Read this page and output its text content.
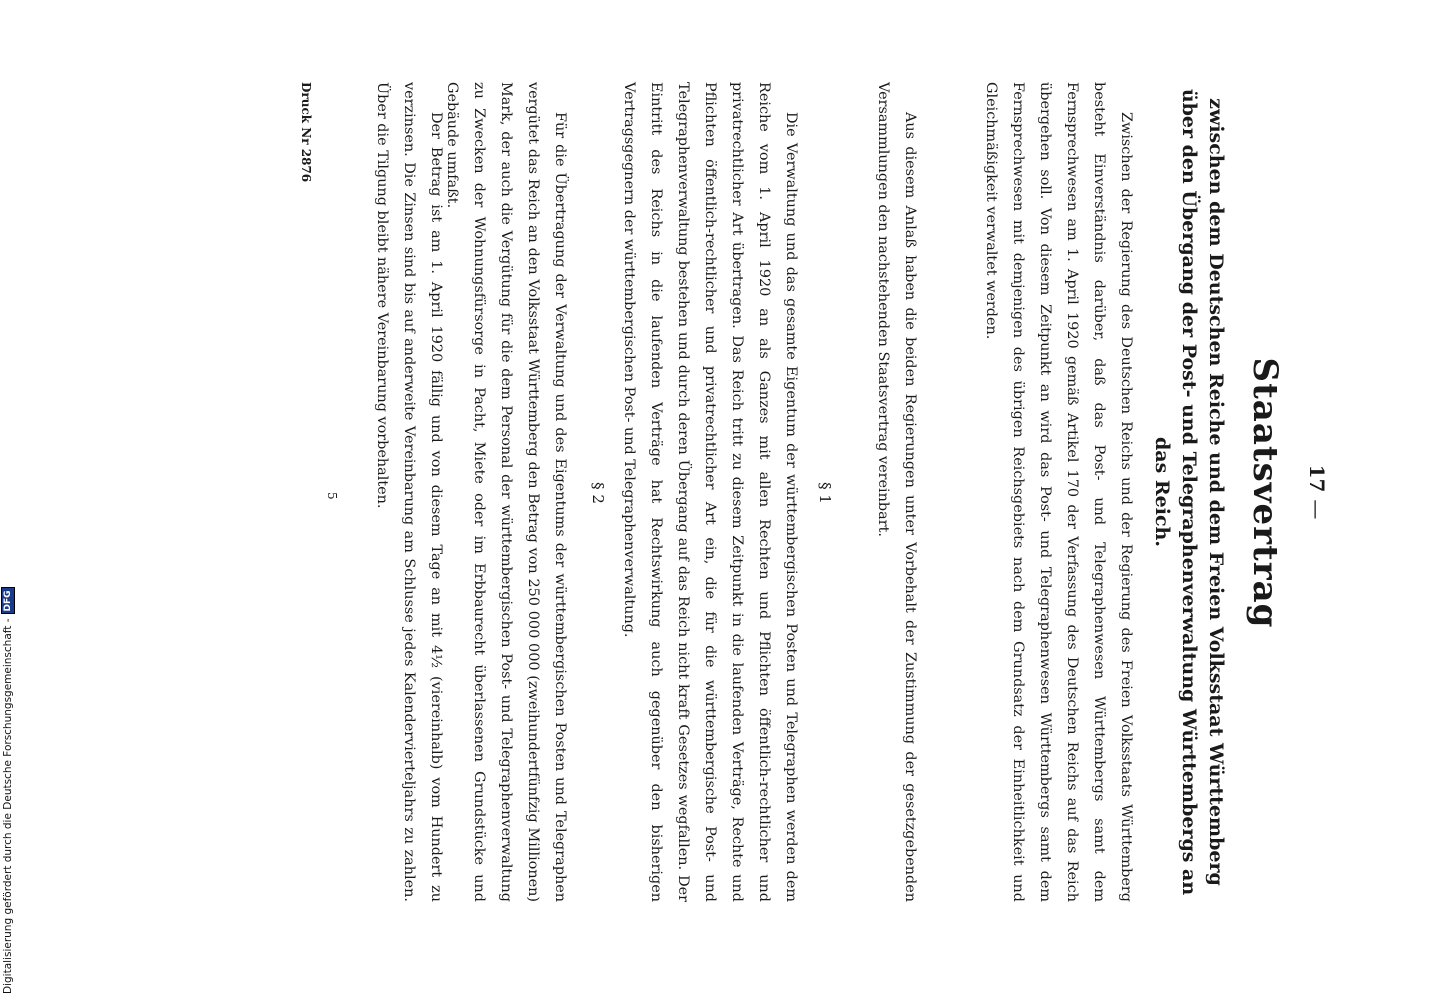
17 —
Staatsvertrag
zwischen dem Deutschen Reiche und dem Freien Volksstaat Württemberg über den Übergang der Post- und Telegraphenverwaltung Württembergs an das Reich.
Zwischen der Regierung des Deutschen Reichs und der Regierung des Freien Volksstaats Württemberg besteht Einverständnis darüber, daß das Post- und Telegraphenwesen Württembergs samt dem Fernsprechwesen am 1. April 1920 gemäß Artikel 170 der Verfassung des Deutschen Reichs auf das Reich übergehen soll. Von diesem Zeitpunkt an wird das Post- und Telegraphenwesen Württembergs samt dem Fernsprechwesen mit demjenigen des übrigen Reichsgebiets nach dem Grundsatz der Einheitlichkeit und Gleichmäßigkeit verwaltet werden.
Aus diesem Anlaß haben die beiden Regierungen unter Vorbehalt der Zustimmung der gesetzgebenden Versammlungen den nachstehenden Staatsvertrag vereinbart.
§ 1
Die Verwaltung und das gesamte Eigentum der württembergischen Posten und Telegraphen werden dem Reiche vom 1. April 1920 an als Ganzes mit allen Rechten und Pflichten öffentlich-rechtlicher und privatrechtlicher Art übertragen. Das Reich tritt zu diesem Zeitpunkt in die laufenden Verträge, Rechte und Pflichten öffentlich-rechtlicher und privatrechtlicher Art ein, die für die württembergische Post- und Telegraphenverwaltung bestehen und durch deren Übergang auf das Reich nicht kraft Gesetzes wegfallen. Der Eintritt des Reichs in die laufenden Verträge hat Rechtswirkung auch gegenüber den bisherigen Vertragsgegnern der württembergischen Post- und Telegraphenverwaltung.
§ 2
Für die Übertragung der Verwaltung und des Eigentums der württembergischen Posten und Telegraphen vergütet das Reich an den Volksstaat Württemberg den Betrag von 250 000 000 (zweihundertfünfzig Millionen) Mark, der auch die Vergütung für die dem Personal der württembergischen Post- und Telegraphenverwaltung zu Zwecken der Wohnungsfürsorge in Pacht, Miete oder im Erbbaurecht überlassenen Grundstücke und Gebäude umfaßt.
Der Betrag ist am 1. April 1920 fällig und von diesem Tage an mit 4½ (viereinhalb) vom Hundert zu verzinsen. Die Zinsen sind bis auf anderweite Vereinbarung am Schlusse jedes Kalendervierteljahrs zu zahlen. Über die Tilgung bleibt nähere Vereinbarung vorbehalten.
5
Druck Nr 2876
Digitalisierung gefördert durch die Deutsche Forschungsgemeinschaft -
DFG
